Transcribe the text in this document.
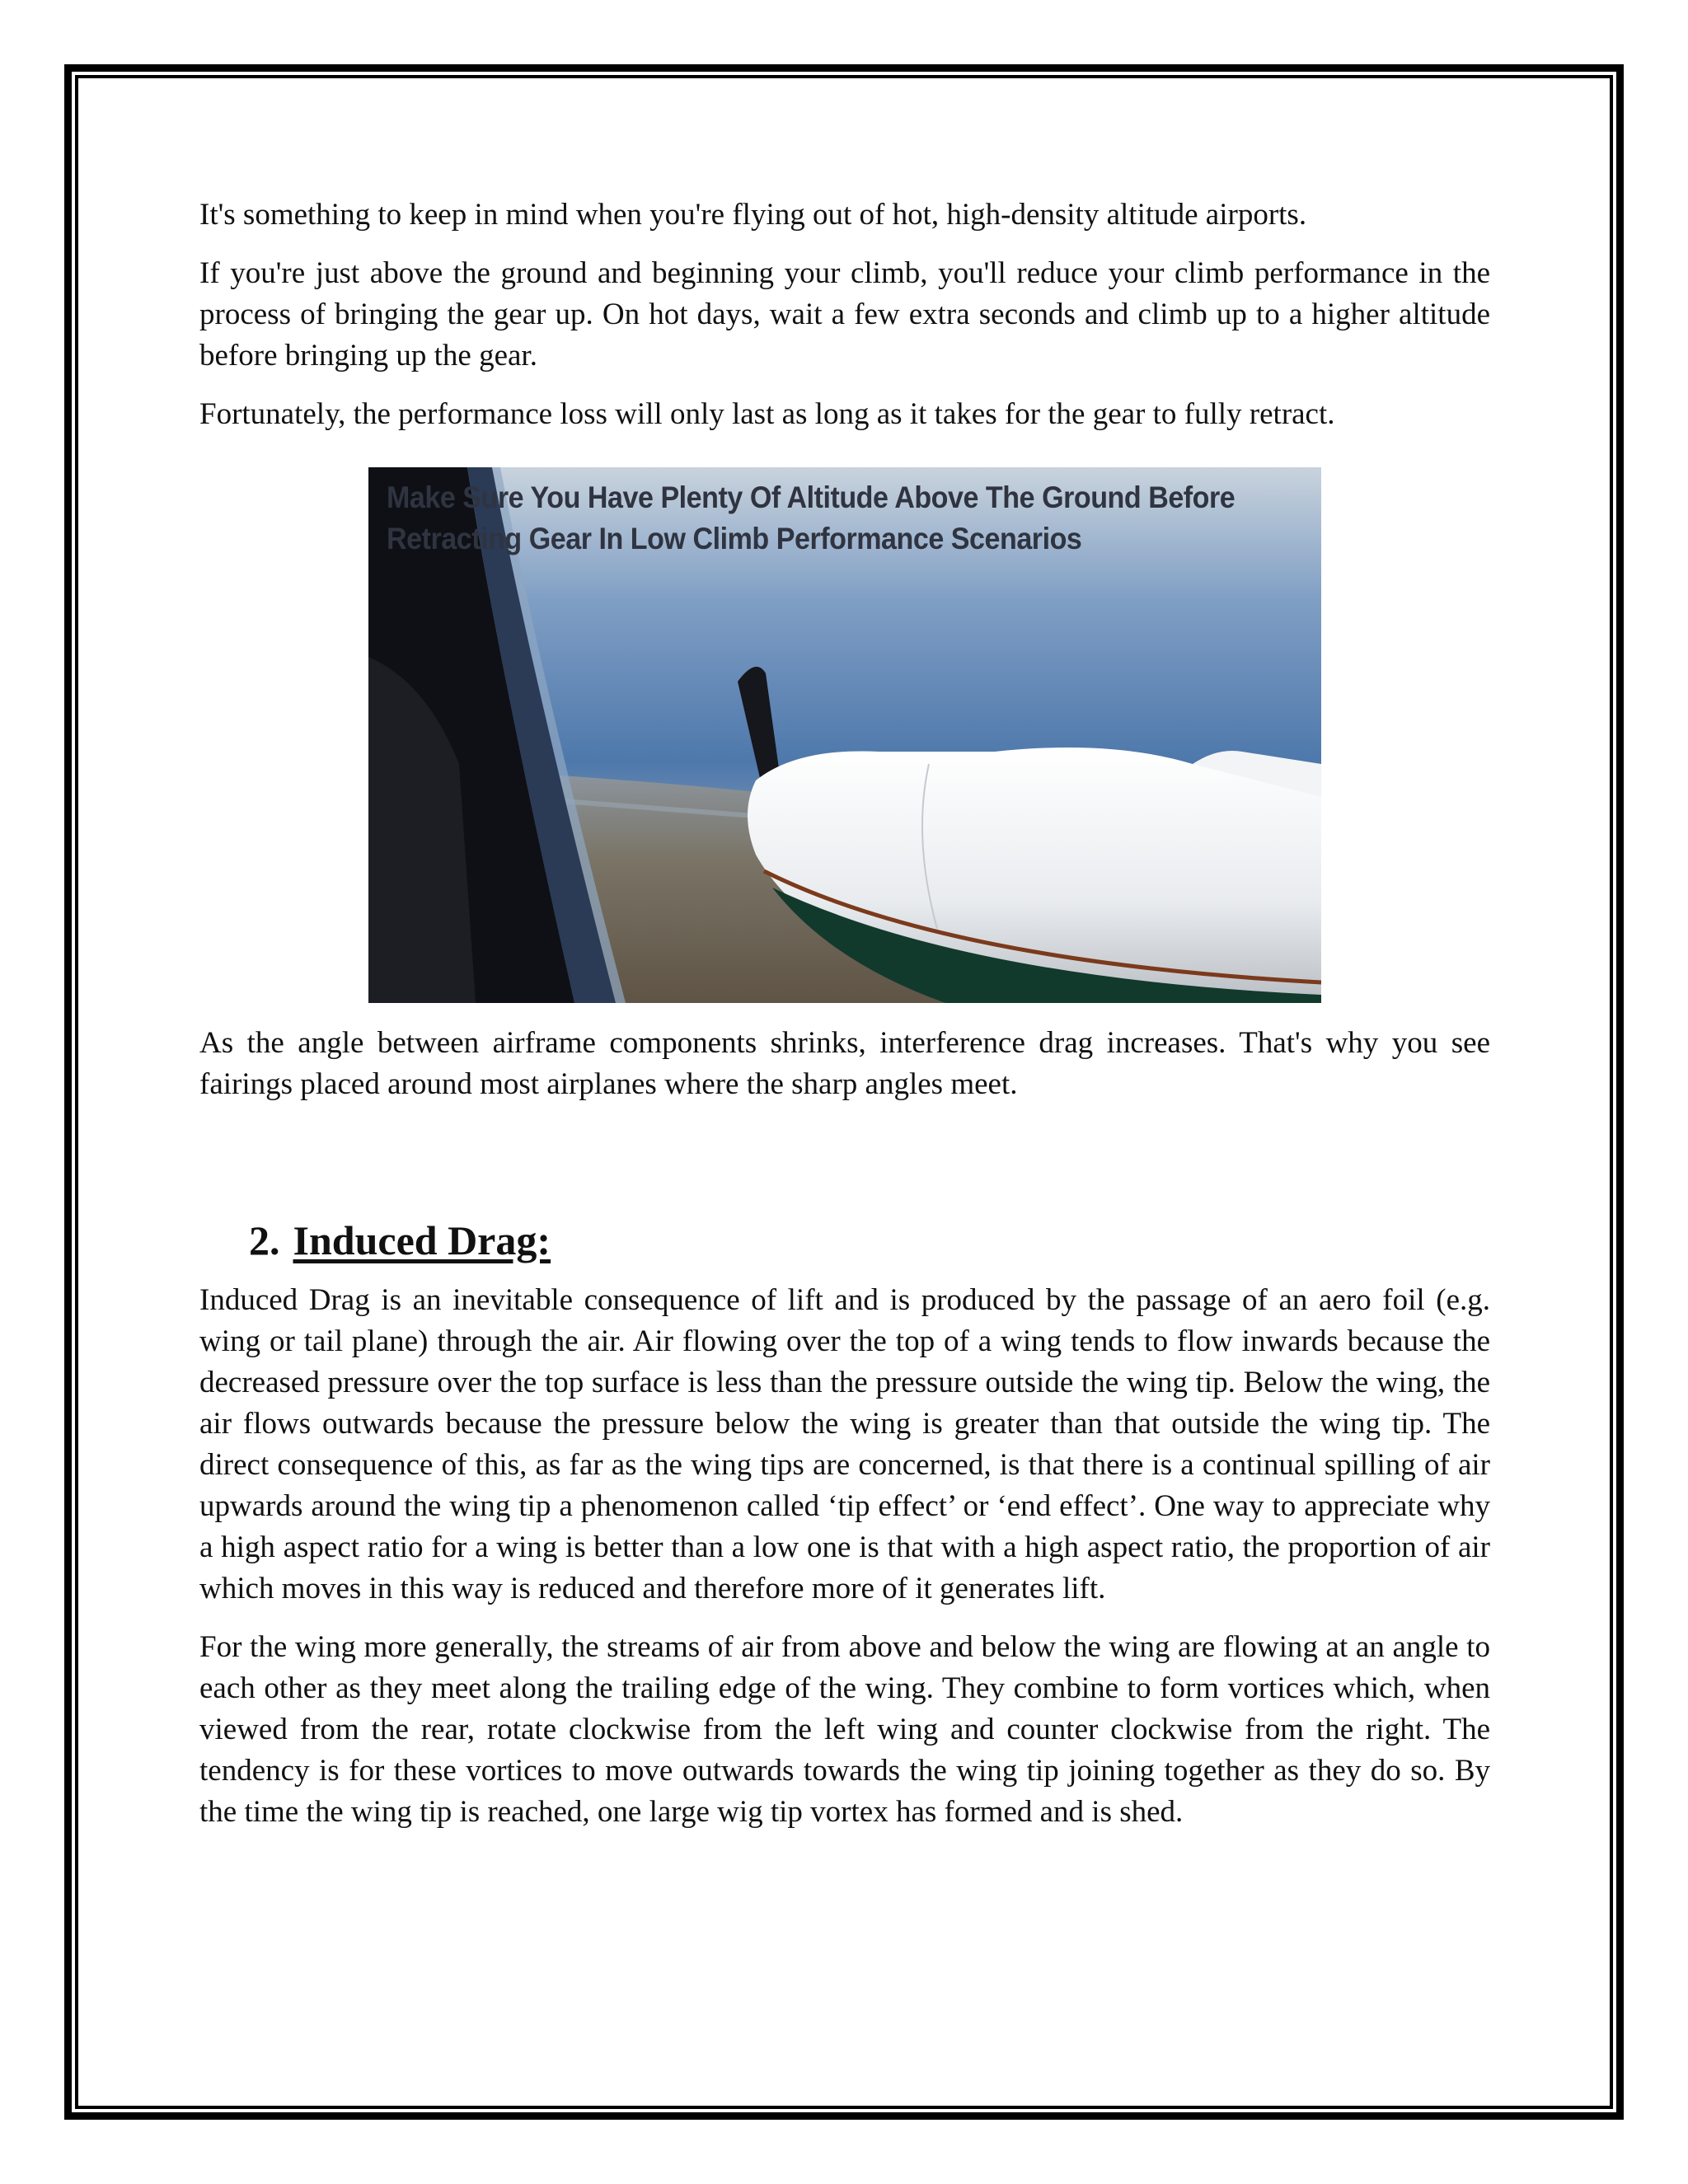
It's something to keep in mind when you're flying out of hot, high-density altitude airports.

If you're just above the ground and beginning your climb, you'll reduce your climb performance in the process of bringing the gear up. On hot days, wait a few extra seconds and climb up to a higher altitude before bringing up the gear.

Fortunately, the performance loss will only last as long as it takes for the gear to fully retract.

Make Sure You Have Plenty Of Altitude Above The Ground Before
Retracting Gear In Low Climb Performance Scenarios

As the angle between airframe components shrinks, interference drag increases. That's why you see fairings placed around most airplanes where the sharp angles meet.

2. Induced Drag:

Induced Drag is an inevitable consequence of lift and is produced by the passage of an aero foil (e.g. wing or tail plane) through the air. Air flowing over the top of a wing tends to flow inwards because the decreased pressure over the top surface is less than the pressure outside the wing tip. Below the wing, the air flows outwards because the pressure below the wing is greater than that outside the wing tip. The direct consequence of this, as far as the wing tips are concerned, is that there is a continual spilling of air upwards around the wing tip a phenomenon called ‘tip effect’ or ‘end effect’. One way to appreciate why a high aspect ratio for a wing is better than a low one is that with a high aspect ratio, the proportion of air which moves in this way is reduced and therefore more of it generates lift.

For the wing more generally, the streams of air from above and below the wing are flowing at an angle to each other as they meet along the trailing edge of the wing. They combine to form vortices which, when viewed from the rear, rotate clockwise from the left wing and counter clockwise from the right. The tendency is for these vortices to move outwards towards the wing tip joining together as they do so. By the time the wing tip is reached, one large wig tip vortex has formed and is shed.
